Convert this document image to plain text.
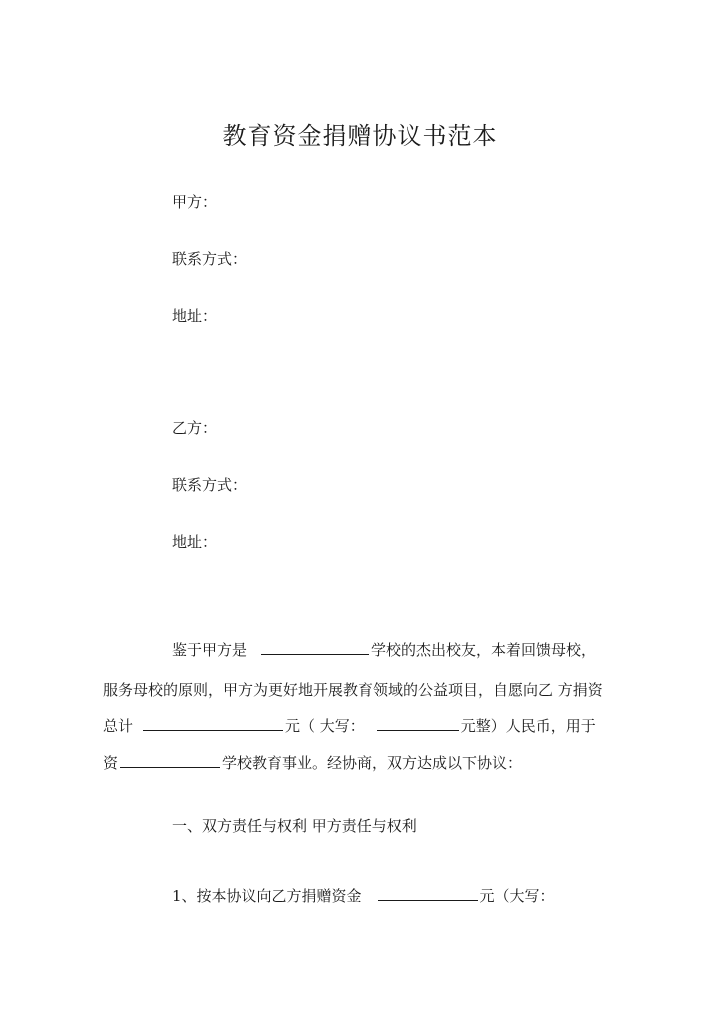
教育资金捐赠协议书范本
甲方：
联系方式：
地址：
乙方：
联系方式：
地址：
鉴于甲方是	学校的杰出校友，本着回馈母校，
服务母校的原则，甲方为更好地开展教育领域的公益项目，自愿向乙 方捐资
总计	元（ 大写：	元整）人民币，用于
资	学校教育事业。经协商，双方达成以下协议：
一、双方责任与权利 甲方责任与权利
1、按本协议向乙方捐赠资金	元（大写：
